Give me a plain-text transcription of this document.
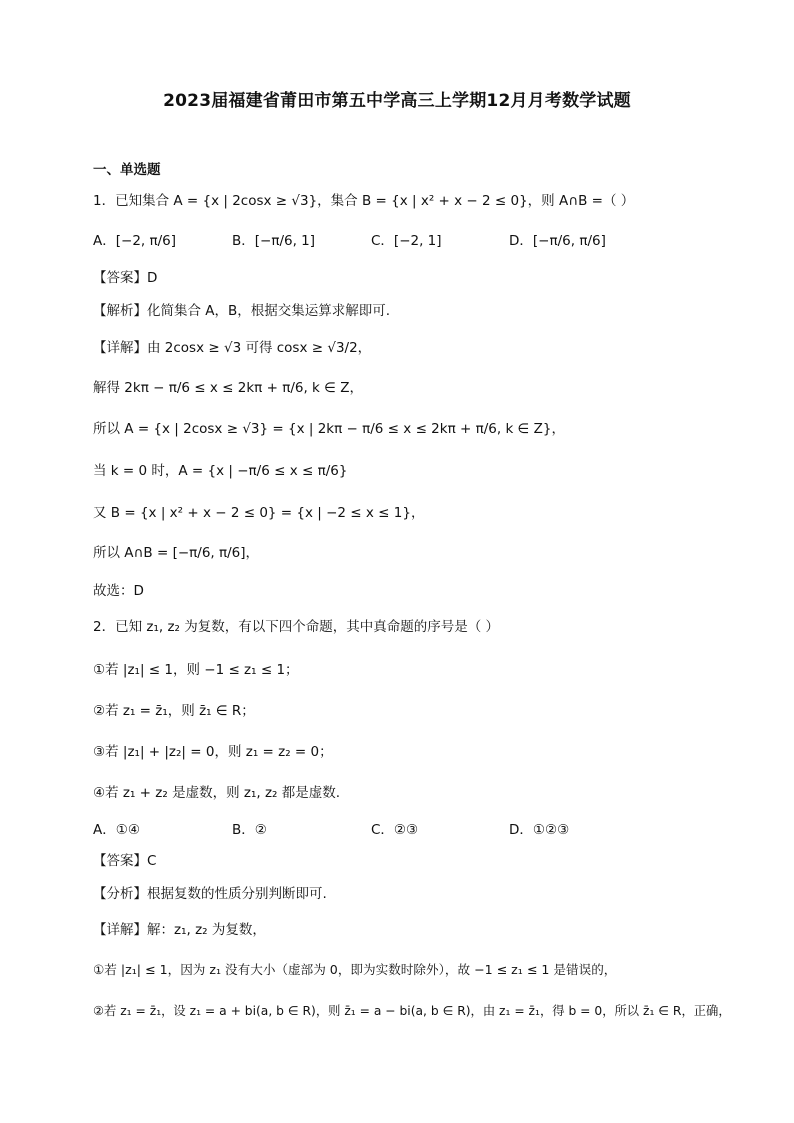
2023届福建省莆田市第五中学高三上学期12月月考数学试题
一、单选题
1．已知集合 A = {x | 2cosx ≥ √3}，集合 B = {x | x² + x − 2 ≤ 0}，则 A∩B =（ ）
A．[−2, π/6]	B．[−π/6, 1]	C．[−2, 1]	D．[−π/6, π/6]
【答案】D
【解析】化简集合 A，B，根据交集运算求解即可.
【详解】由 2cosx ≥ √3 可得 cosx ≥ √3/2，
解得 2kπ − π/6 ≤ x ≤ 2kπ + π/6, k ∈ Z，
所以 A = {x | 2cosx ≥ √3} = {x | 2kπ − π/6 ≤ x ≤ 2kπ + π/6, k ∈ Z}，
当 k = 0 时，A = {x | −π/6 ≤ x ≤ π/6}
又 B = {x | x² + x − 2 ≤ 0} = {x | −2 ≤ x ≤ 1}，
所以 A∩B = [−π/6, π/6]，
故选：D
2．已知 z₁, z₂ 为复数，有以下四个命题，其中真命题的序号是（ ）
①若 |z₁| ≤ 1，则 −1 ≤ z₁ ≤ 1；
②若 z₁ = z̄₁，则 z̄₁ ∈ R；
③若 |z₁| + |z₂| = 0，则 z₁ = z₂ = 0；
④若 z₁ + z₂ 是虚数，则 z₁, z₂ 都是虚数.
A．①④	B．②	C．②③	D．①②③
【答案】C
【分析】根据复数的性质分别判断即可.
【详解】解：z₁, z₂ 为复数，
①若 |z₁| ≤ 1，因为 z₁ 没有大小（虚部为 0，即为实数时除外），故 −1 ≤ z₁ ≤ 1 是错误的，
②若 z₁ = z̄₁，设 z₁ = a + bi(a, b ∈ R)，则 z̄₁ = a − bi(a, b ∈ R)，由 z₁ = z̄₁，得 b = 0，所以 z̄₁ ∈ R，正确，
